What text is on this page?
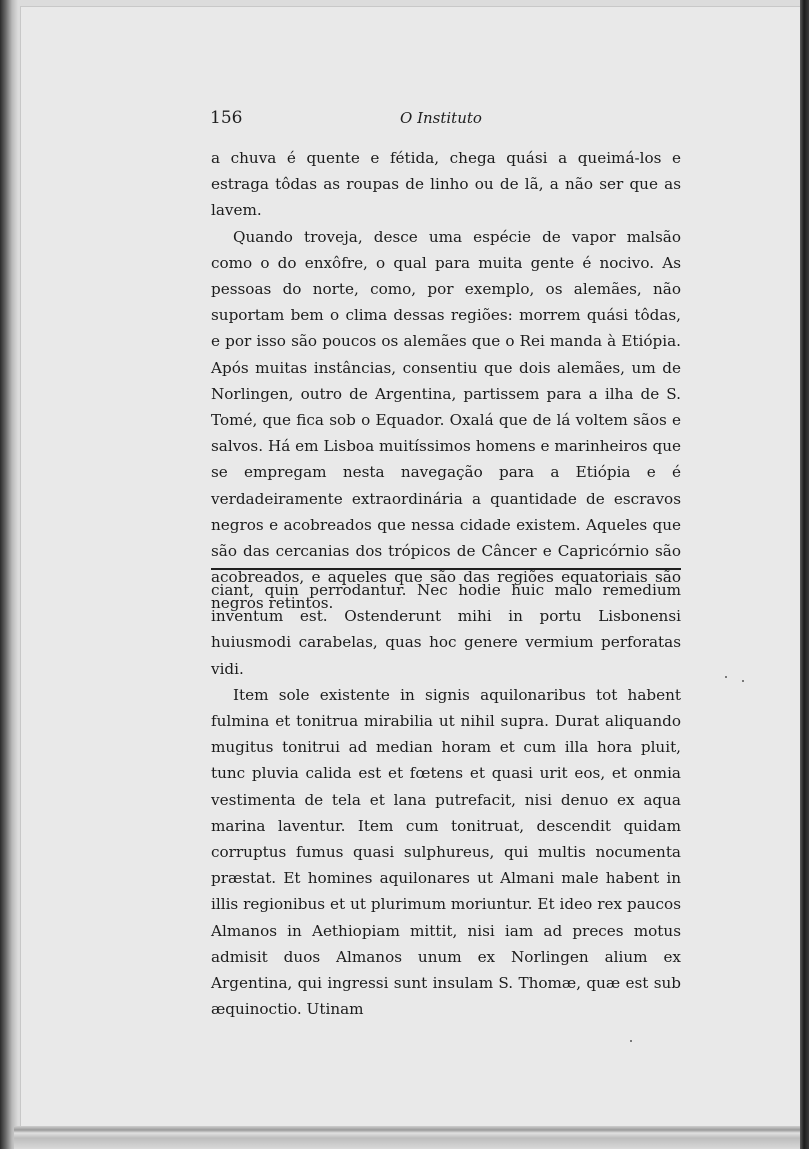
156	O Instituto

a chuva é quente e fétida, chega quási a queimá-los e estraga tôdas as roupas de linho ou de lã, a não ser que as lavem.

Quando troveja, desce uma espécie de vapor malsão como o do enxôfre, o qual para muita gente é nocivo. As pessoas do norte, como, por exemplo, os alemães, não suportam bem o clima dessas regiões: morrem quási tôdas, e por isso são poucos os alemães que o Rei manda à Etiópia. Após muitas instâncias, consentiu que dois alemães, um de Norlingen, outro de Argentina, partissem para a ilha de S. Tomé, que fica sob o Equador. Oxalá que de lá voltem sãos e salvos. Há em Lisboa muitíssimos homens e marinheiros que se empregam nesta navegação para a Etiópia e é verdadeiramente extraordinária a quantidade de escravos negros e acobreados que nessa cidade existem. Aqueles que são das cercanias dos trópicos de Câncer e Capricórnio são acobreados, e aqueles que são das regiões equatoriais são negros retintos.

ciant, quin perrodantur. Nec hodie huic malo remedium inventum est. Ostenderunt mihi in portu Lisbonensi huiusmodi carabelas, quas hoc genere vermium perforatas vidi.

Item sole existente in signis aquilonaribus tot habent fulmina et tonitrua mirabilia ut nihil supra. Durat aliquando mugitus tonitrui ad median horam et cum illa hora pluit, tunc pluvia calida est et fœtens et quasi urit eos, et onmia vestimenta de tela et lana putrefacit, nisi denuo ex aqua marina laventur. Item cum tonitruat, descendit quidam corruptus fumus quasi sulphureus, qui multis nocumenta præstat. Et homines aquilonares ut Almani male habent in illis regionibus et ut plurimum moriuntur. Et ideo rex paucos Almanos in Aethiopiam mittit, nisi iam ad preces motus admisit duos Almanos unum ex Norlingen alium ex Argentina, qui ingressi sunt insulam S. Thomæ, quæ est sub æquinoctio. Utinam
